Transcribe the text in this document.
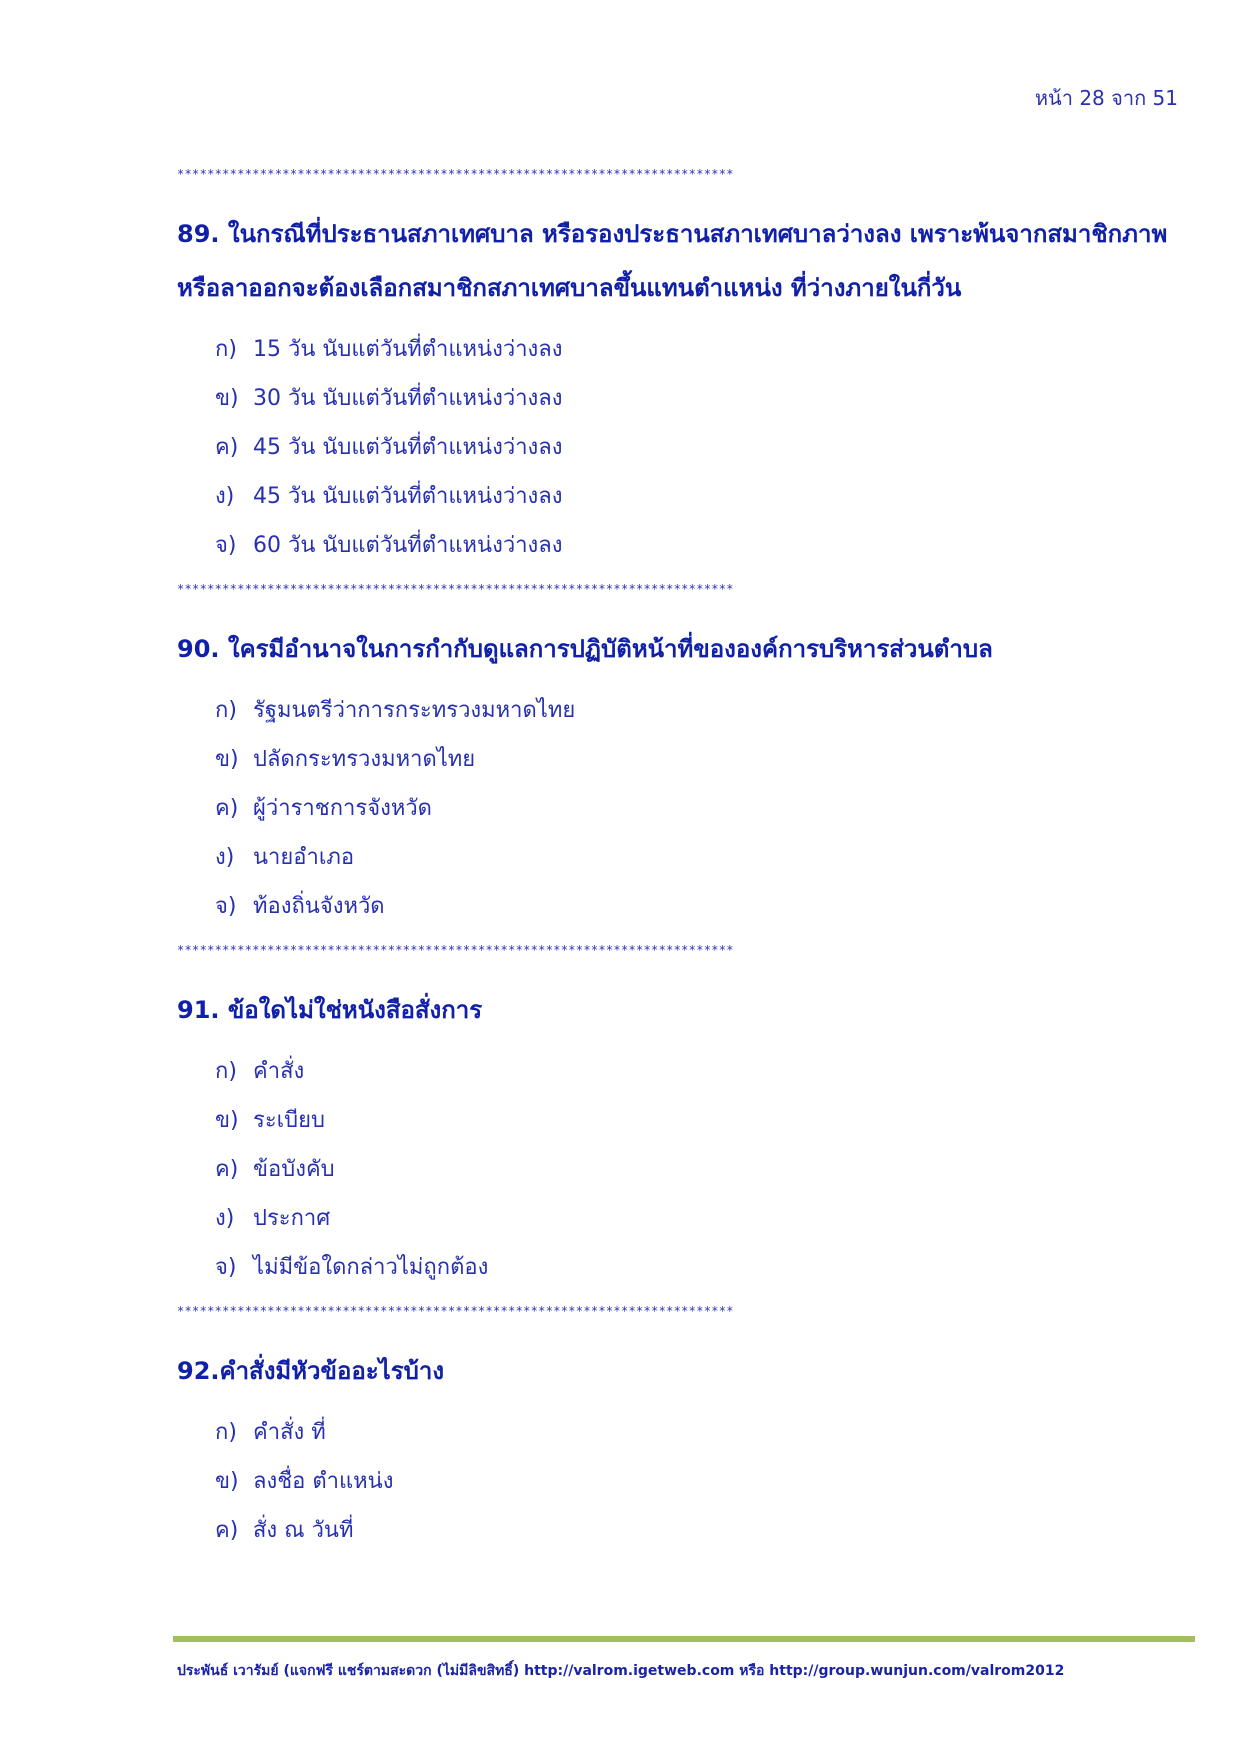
หน้า 28 จาก 51
**************************************************************************
89. ในกรณีที่ประธานสภาเทศบาล หรือรองประธานสภาเทศบาลว่างลง เพราะพ้นจากสมาชิกภาพหรือลาออกจะต้องเลือกสมาชิกสภาเทศบาลขึ้นแทนตำแหน่ง ที่ว่างภายในกี่วัน
ก) 15 วัน นับแต่วันที่ตำแหน่งว่างลง
ข) 30 วัน นับแต่วันที่ตำแหน่งว่างลง
ค) 45 วัน นับแต่วันที่ตำแหน่งว่างลง
ง) 45 วัน นับแต่วันที่ตำแหน่งว่างลง
จ) 60 วัน นับแต่วันที่ตำแหน่งว่างลง
**************************************************************************
90. ใครมีอำนาจในการกำกับดูแลการปฏิบัติหน้าที่ขององค์การบริหารส่วนตำบล
ก) รัฐมนตรีว่าการกระทรวงมหาดไทย
ข) ปลัดกระทรวงมหาดไทย
ค) ผู้ว่าราชการจังหวัด
ง) นายอำเภอ
จ) ท้องถิ่นจังหวัด
**************************************************************************
91. ข้อใดไม่ใช่หนังสือสั่งการ
ก) คำสั่ง
ข) ระเบียบ
ค) ข้อบังคับ
ง) ประกาศ
จ) ไม่มีข้อใดกล่าวไม่ถูกต้อง
**************************************************************************
92.คำสั่งมีหัวข้ออะไรบ้าง
ก) คำสั่ง ที่
ข) ลงชื่อ ตำแหน่ง
ค) สั่ง ณ วันที่
ประพันธ์ เวารัมย์ (แจกฟรี แชร์ตามสะดวก (ไม่มีลิขสิทธิ์) http://valrom.igetweb.com หรือ http://group.wunjun.com/valrom2012
